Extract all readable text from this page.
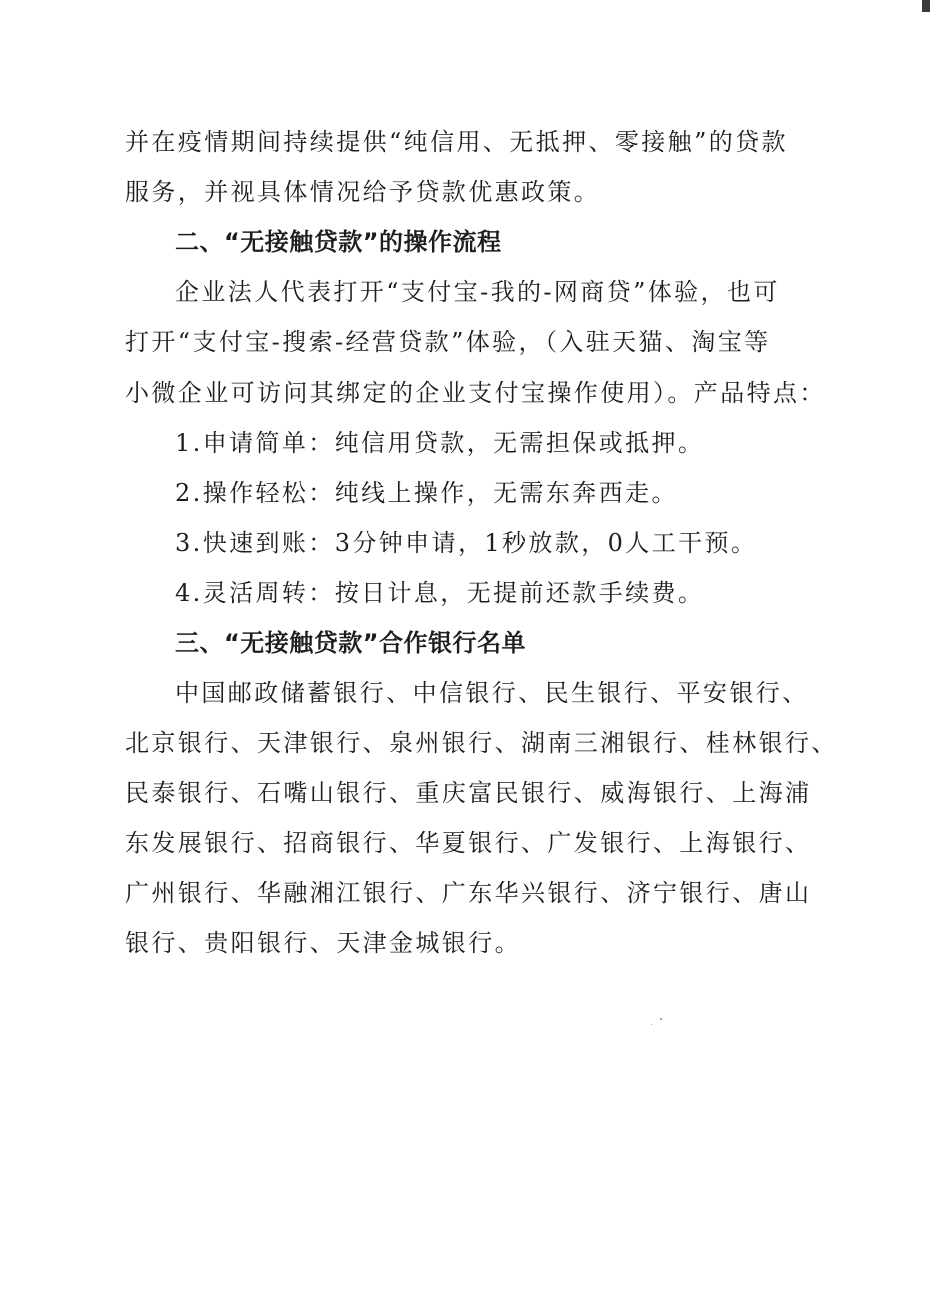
并在疫情期间持续提供“纯信用、无抵押、零接触”的贷款

服务，并视具体情况给予贷款优惠政策。

二、“无接触贷款”的操作流程

企业法人代表打开“支付宝-我的-网商贷”体验，也可

打开“支付宝-搜索-经营贷款”体验，（入驻天猫、淘宝等

小微企业可访问其绑定的企业支付宝操作使用）。产品特点：

1.申请简单：纯信用贷款，无需担保或抵押。

2.操作轻松：纯线上操作，无需东奔西走。

3.快速到账：3分钟申请，1秒放款，0人工干预。

4.灵活周转：按日计息，无提前还款手续费。

三、“无接触贷款”合作银行名单

中国邮政储蓄银行、中信银行、民生银行、平安银行、

北京银行、天津银行、泉州银行、湖南三湘银行、桂林银行、

民泰银行、石嘴山银行、重庆富民银行、威海银行、上海浦

东发展银行、招商银行、华夏银行、广发银行、上海银行、

广州银行、华融湘江银行、广东华兴银行、济宁银行、唐山

银行、贵阳银行、天津金城银行。
